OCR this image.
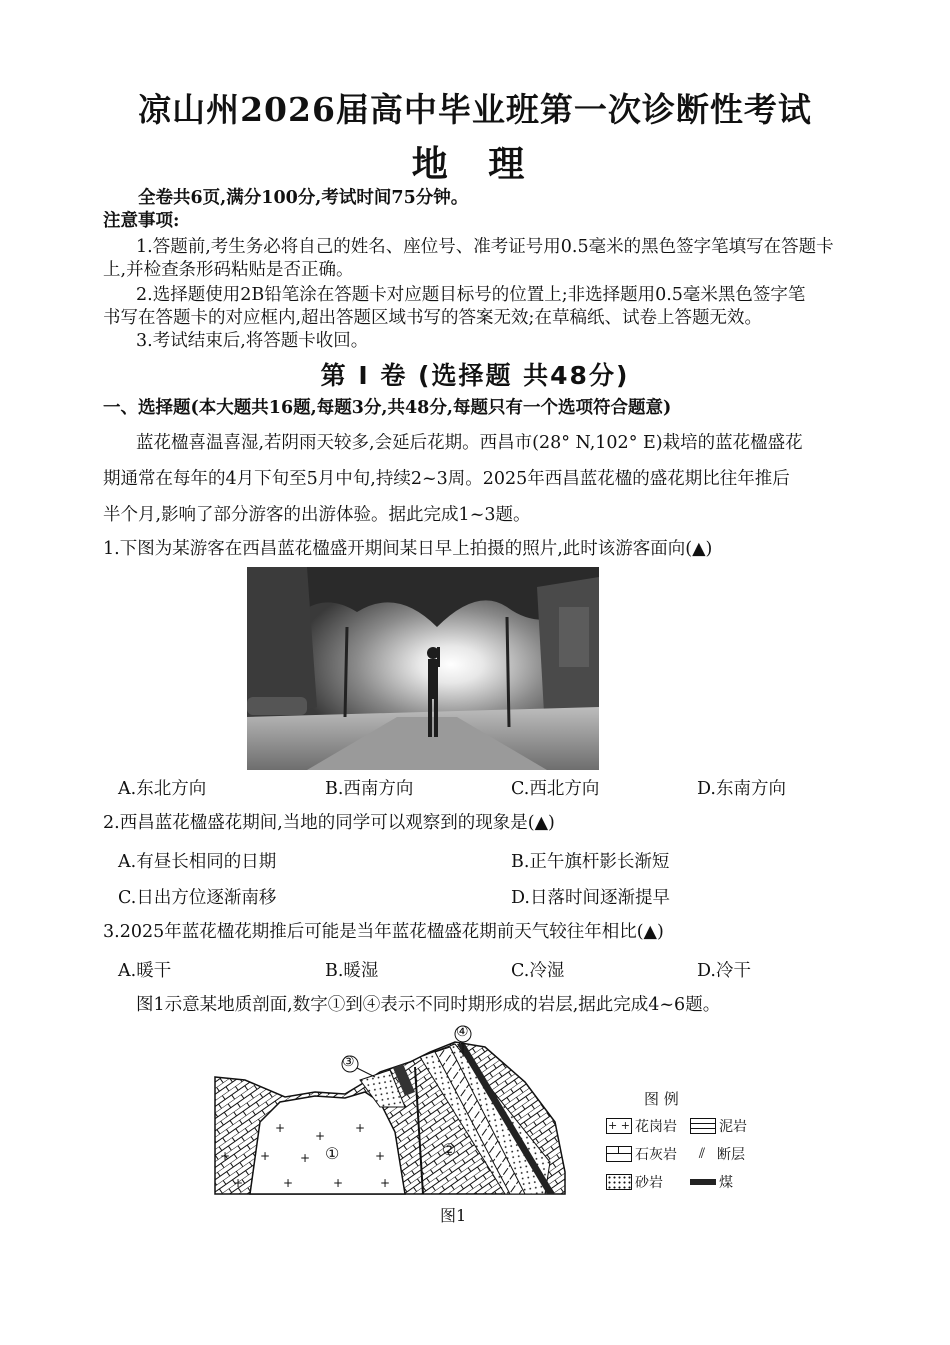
凉山州2026届高中毕业班第一次诊断性考试
地 理
全卷共6页,满分100分,考试时间75分钟。
注意事项:
1.答题前,考生务必将自己的姓名、座位号、准考证号用0.5毫米的黑色签字笔填写在答题卡
上,并检查条形码粘贴是否正确。
2.选择题使用2B铅笔涂在答题卡对应题目标号的位置上;非选择题用0.5毫米黑色签字笔
书写在答题卡的对应框内,超出答题区域书写的答案无效;在草稿纸、试卷上答题无效。
3.考试结束后,将答题卡收回。
第 Ⅰ 卷 (选择题 共48分)
一、选择题(本大题共16题,每题3分,共48分,每题只有一个选项符合题意)
蓝花楹喜温喜湿,若阴雨天较多,会延后花期。西昌市(28° N,102° E)栽培的蓝花楹盛花
期通常在每年的4月下旬至5月中旬,持续2~3周。2025年西昌蓝花楹的盛花期比往年推后
半个月,影响了部分游客的出游体验。据此完成1~3题。
1.下图为某游客在西昌蓝花楹盛开期间某日早上拍摄的照片,此时该游客面向(▲)
A.东北方向	B.西南方向	C.西北方向	D.东南方向
2.西昌蓝花楹盛花期间,当地的同学可以观察到的现象是(▲)
A.有昼长相同的日期	B.正午旗杆影长渐短
C.日出方位逐渐南移	D.日落时间逐渐提早
3.2025年蓝花楹花期推后可能是当年蓝花楹盛花期前天气较往年相比(▲)
A.暖干	B.暖湿	C.冷湿	D.冷干
图1示意某地质剖面,数字①到④表示不同时期形成的岩层,据此完成4~6题。
+
+
+
+ + +	+
+	+	+	+
①	②
③
④
图1
图 例
+ + 花岗岩	泥岩
石灰岩	⫽ 断层
砂岩	煤
